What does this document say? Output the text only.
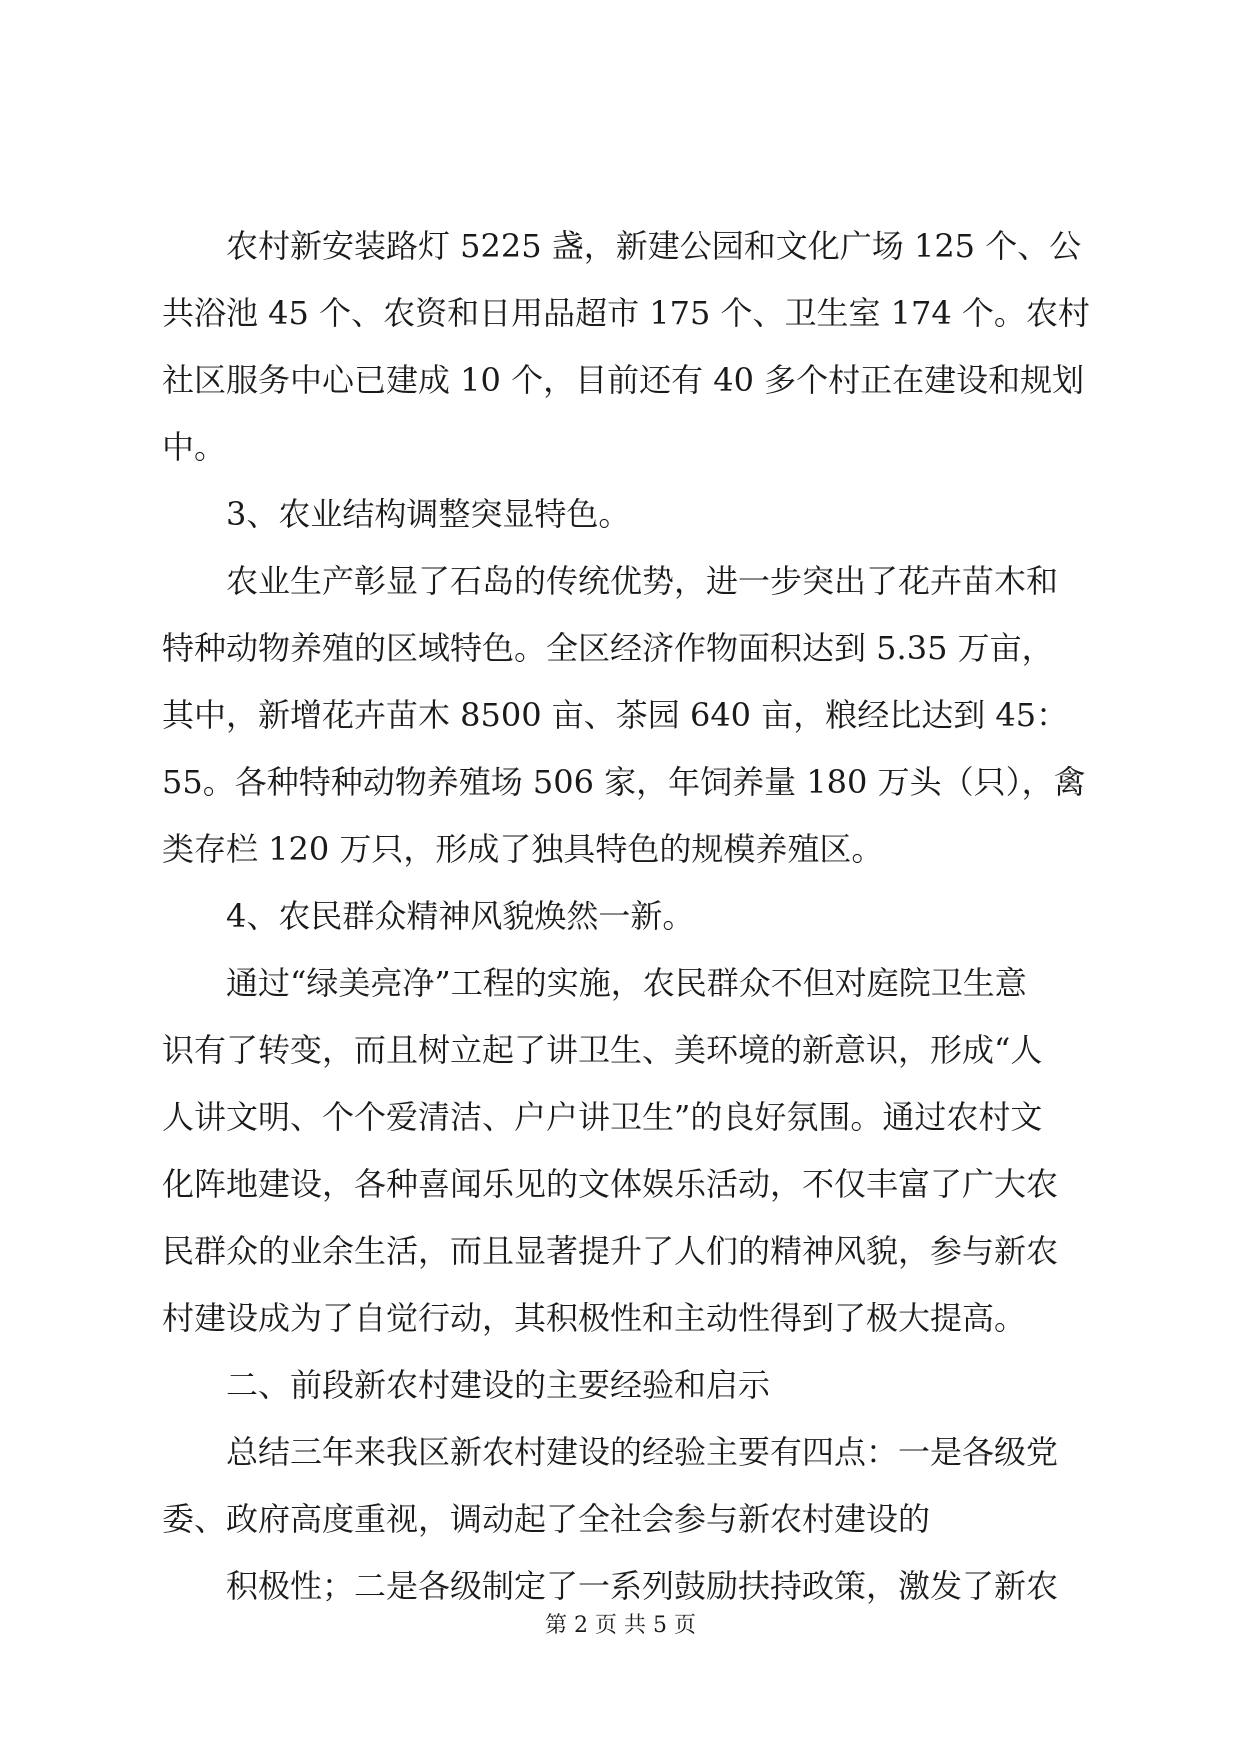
　　农村新安装路灯 5225 盏，新建公园和文化广场 125 个、公
共浴池 45 个、农资和日用品超市 175 个、卫生室 174 个。农村
社区服务中心已建成 10 个，目前还有 40 多个村正在建设和规划
中。
　　3、农业结构调整突显特色。
　　农业生产彰显了石岛的传统优势，进一步突出了花卉苗木和
特种动物养殖的区域特色。全区经济作物面积达到 5.35 万亩，
其中，新增花卉苗木 8500 亩、茶园 640 亩，粮经比达到 45：
55。各种特种动物养殖场 506 家，年饲养量 180 万头（只），禽
类存栏 120 万只，形成了独具特色的规模养殖区。
　　4、农民群众精神风貌焕然一新。
　　通过“绿美亮净”工程的实施，农民群众不但对庭院卫生意
识有了转变，而且树立起了讲卫生、美环境的新意识，形成“人
人讲文明、个个爱清洁、户户讲卫生”的良好氛围。通过农村文
化阵地建设，各种喜闻乐见的文体娱乐活动，不仅丰富了广大农
民群众的业余生活，而且显著提升了人们的精神风貌，参与新农
村建设成为了自觉行动，其积极性和主动性得到了极大提高。
　　二、前段新农村建设的主要经验和启示
　　总结三年来我区新农村建设的经验主要有四点：一是各级党
委、政府高度重视，调动起了全社会参与新农村建设的
　　积极性；二是各级制定了一系列鼓励扶持政策，激发了新农
第 2 页 共 5 页
